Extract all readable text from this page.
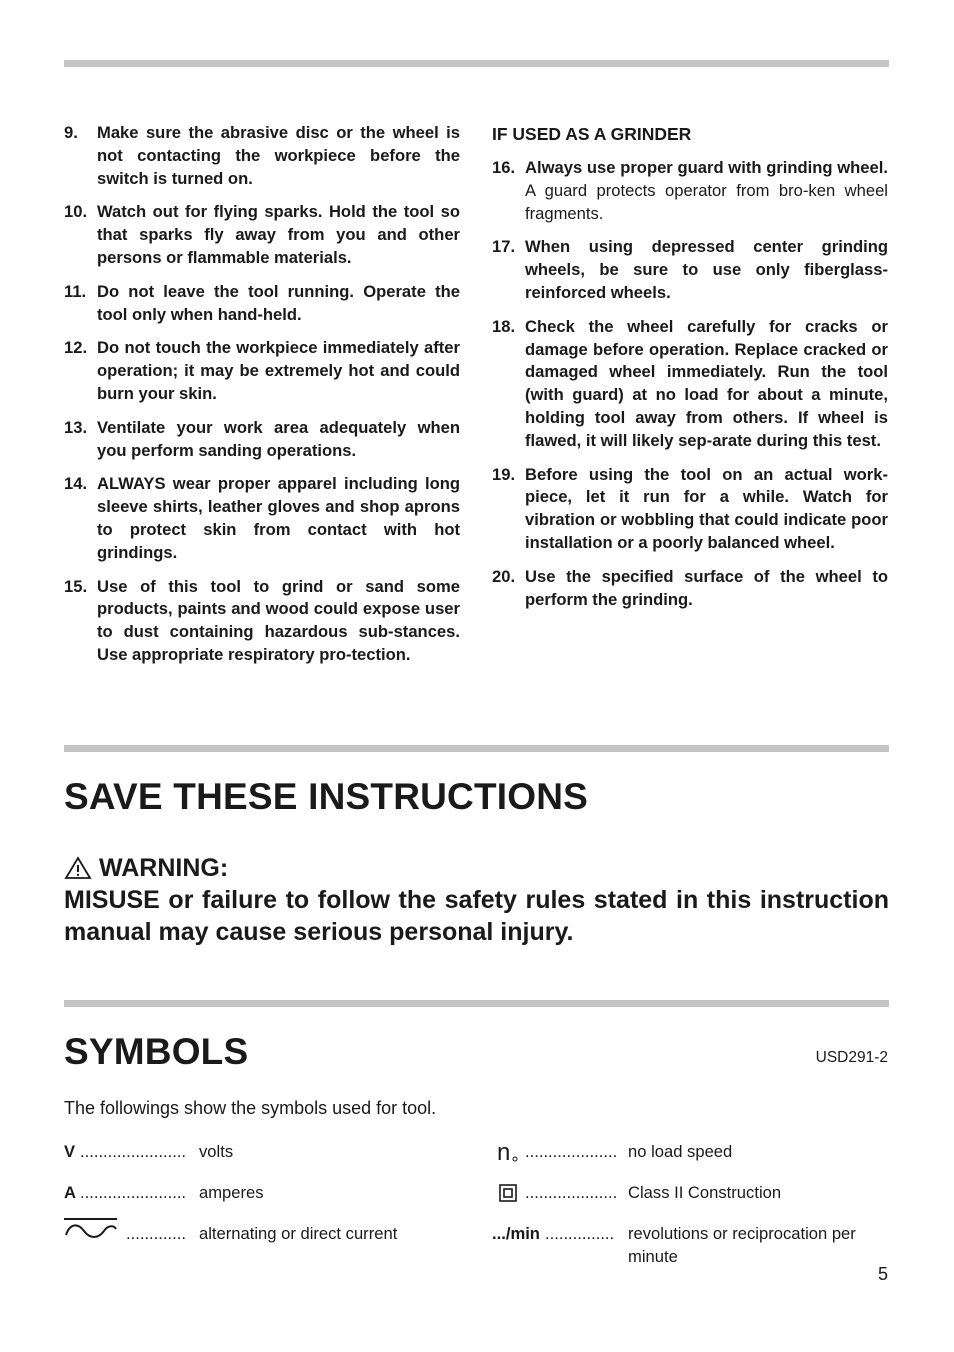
9.	Make sure the abrasive disc or the wheel is not contacting the workpiece before the switch is turned on.
10. Watch out for flying sparks. Hold the tool so that sparks fly away from you and other persons or flammable materials.
11. Do not leave the tool running. Operate the tool only when hand-held.
12. Do not touch the workpiece immediately after operation; it may be extremely hot and could burn your skin.
13. Ventilate your work area adequately when you perform sanding operations.
14. ALWAYS wear proper apparel including long sleeve shirts, leather gloves and shop aprons to protect skin from contact with hot grindings.
15. Use of this tool to grind or sand some products, paints and wood could expose user to dust containing hazardous sub-stances. Use appropriate respiratory pro-tection.
IF USED AS A GRINDER
16. Always use proper guard with grinding wheel. A guard protects operator from bro-ken wheel fragments.
17. When using depressed center grinding wheels, be sure to use only fiberglass-reinforced wheels.
18. Check the wheel carefully for cracks or damage before operation. Replace cracked or damaged wheel immediately. Run the tool (with guard) at no load for about a minute, holding tool away from others. If wheel is flawed, it will likely sep-arate during this test.
19. Before using the tool on an actual work-piece, let it run for a while. Watch for vibration or wobbling that could indicate poor installation or a poorly balanced wheel.
20. Use the specified surface of the wheel to perform the grinding.
SAVE THESE INSTRUCTIONS
WARNING:
MISUSE or failure to follow the safety rules stated in this instruction manual may cause serious personal injury.
SYMBOLS	USD291-2
The followings show the symbols used for tool.
V ....................... volts
A ....................... amperes
............. alternating or direct current
n .................... no load speed
.................... Class II Construction
.../min ............... revolutions or reciprocation per minute
5
